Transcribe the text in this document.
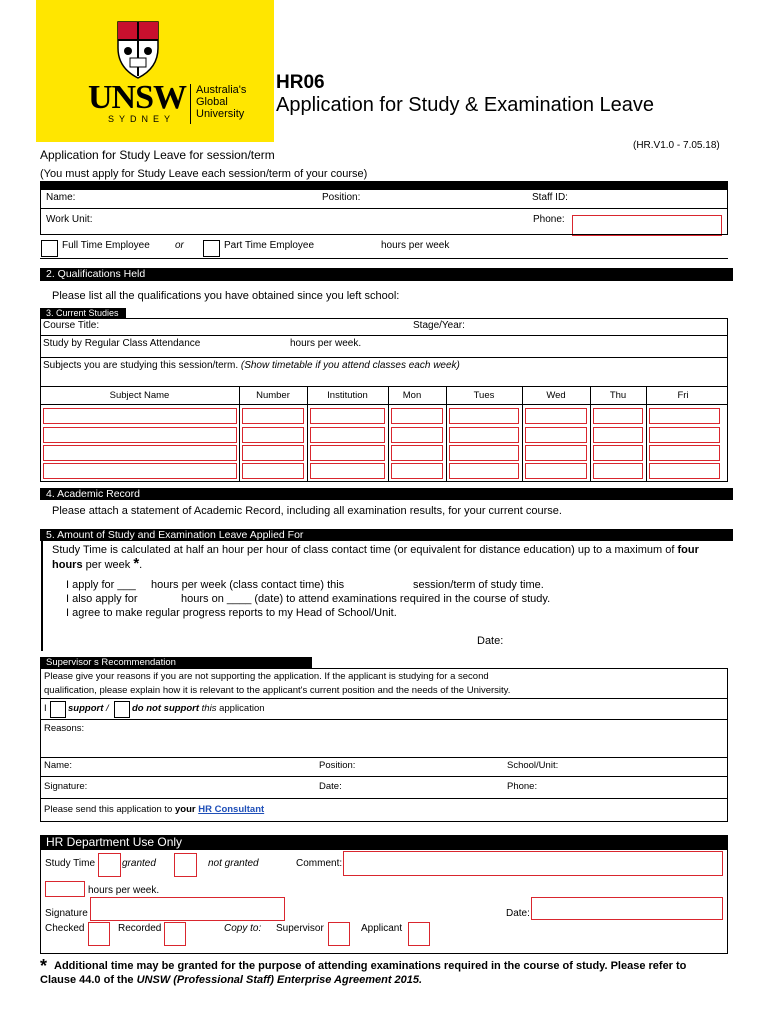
UNSW
SYDNEY
Australia's
Global
University
HR06
Application for Study & Examination Leave
(HR.V1.0 - 7.05.18)
Application for Study Leave for session/term
(You must apply for Study Leave each session/term of your course)
Name:	Position:	Staff ID:
Work Unit:	Phone:
Full Time Employee	or	Part Time Employee	hours per week
2. Qualifications Held
Please list all the qualifications you have obtained since you left school:
3. Current Studies
Course Title:	Stage/Year:
Study by Regular Class Attendance	hours per week.
Subjects you are studying this session/term. (Show timetable if you attend classes each week)
Subject Name	Number	Institution	Mon	Tues	Wed	Thu	Fri
4. Academic Record
Please attach a statement of Academic Record, including all examination results, for your current course.
5. Amount of Study and Examination Leave Applied For
Study Time is calculated at half an hour per hour of class contact time (or equivalent for distance education) up to a maximum of four
hours per week *.
I apply for ___ hours per week (class contact time) this	session/term of study time.
I also apply for	hours on ____ (date) to attend examinations required in the course of study.
I agree to make regular progress reports to my Head of School/Unit.
Date:
Supervisor s Recommendation
Please give your reasons if you are not supporting the application. If the applicant is studying for a second
qualification, please explain how it is relevant to the applicant's current position and the needs of the University.
I support / do not support this application
Reasons:
Name:	Position:	School/Unit:
Signature:	Date:	Phone:
Please send this application to your HR Consultant
HR Department Use Only
Study Time	granted	not granted	Comment:
hours per week.
Signature	Date:
Checked	Recorded	Copy to: Supervisor	Applicant
* Additional time may be granted for the purpose of attending examinations required in the course of study. Please refer to
Clause 44.0 of the UNSW (Professional Staff) Enterprise Agreement 2015.
